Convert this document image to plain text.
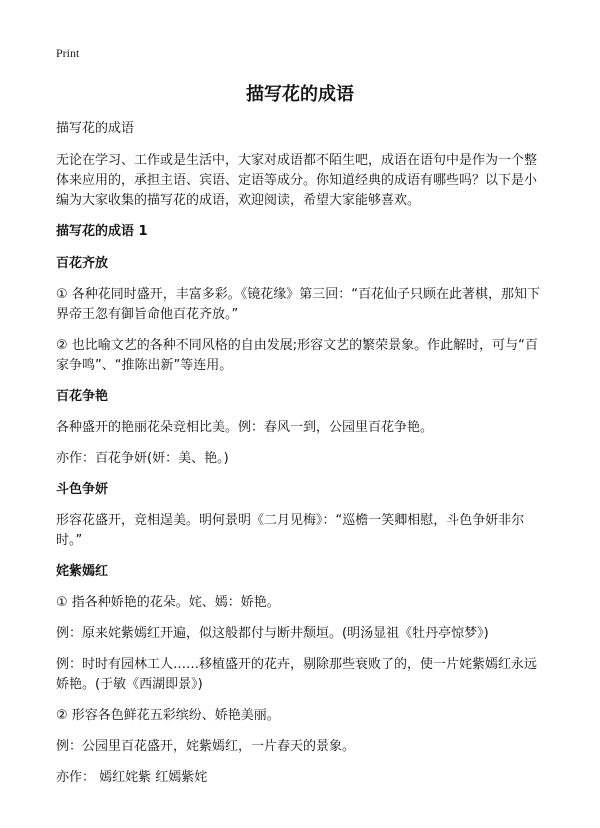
Print
描写花的成语

描写花的成语

无论在学习、工作或是生活中，大家对成语都不陌生吧，成语在语句中是作为一个整体来应用的，承担主语、宾语、定语等成分。你知道经典的成语有哪些吗？以下是小编为大家收集的描写花的成语，欢迎阅读，希望大家能够喜欢。

描写花的成语 1
百花齐放

① 各种花同时盛开，丰富多彩。《镜花缘》第三回：“百花仙子只顾在此著棋，那知下界帝王忽有御旨命他百花齐放。”

② 也比喻文艺的各种不同风格的自由发展;形容文艺的繁荣景象。作此解时，可与“百家争鸣”、“推陈出新”等连用。

百花争艳

各种盛开的艳丽花朵竞相比美。例：春风一到，公园里百花争艳。

亦作：百花争妍(妍：美、艳。)

斗色争妍

形容花盛开，竞相逞美。明何景明《二月见梅》：“巡檐一笑卿相慰，斗色争妍非尔时。”

姹紫嫣红

① 指各种娇艳的花朵。姹、嫣：娇艳。

例：原来姹紫嫣红开遍，似这般都付与断井颓垣。(明汤显祖《牡丹亭惊梦》)

例：时时有园林工人……移植盛开的花卉，剔除那些衰败了的，使一片姹紫嫣红永远娇艳。(于敏《西湖即景》)

② 形容各色鲜花五彩缤纷、娇艳美丽。

例：公园里百花盛开，姹紫嫣红，一片春天的景象。

亦作： 嫣红姹紫 红嫣紫姹
